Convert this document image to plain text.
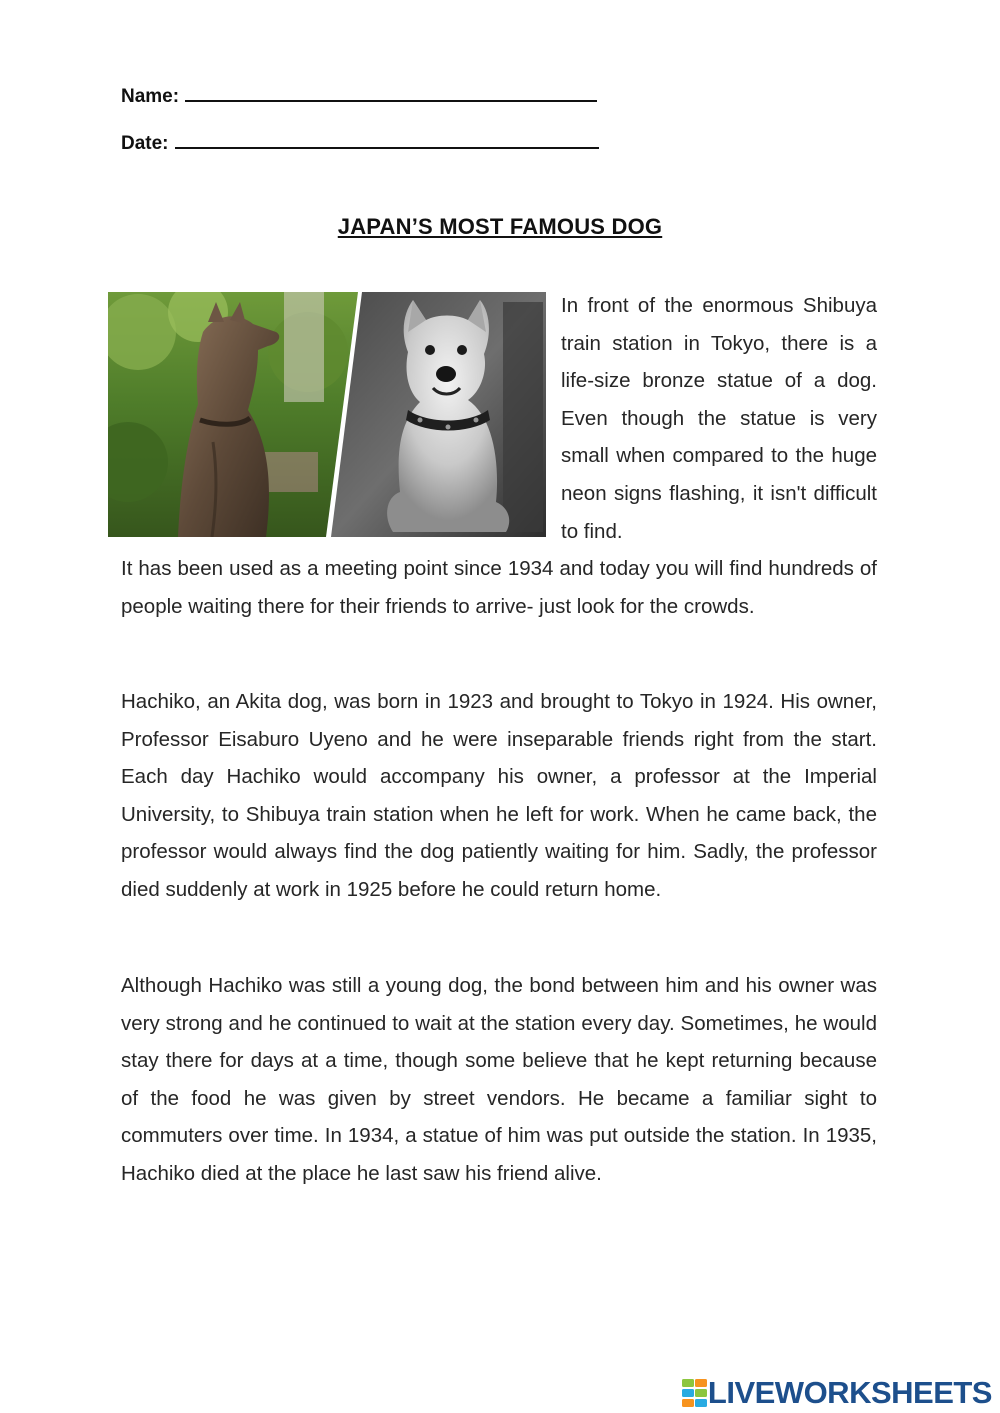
Name:
Date:
JAPAN’S MOST FAMOUS DOG

In front of the enormous Shibuya train station in Tokyo, there is a life-size bronze statue of a dog. Even though the statue is very small when compared to the huge neon signs flashing, it isn't difficult to find.

It has been used as a meeting point since 1934 and today you will find hundreds of people waiting there for their friends to arrive- just look for the crowds.

Hachiko, an Akita dog, was born in 1923 and brought to Tokyo in 1924. His owner, Professor Eisaburo Uyeno and he were inseparable friends right from the start. Each day Hachiko would accompany his owner, a professor at the Imperial University, to Shibuya train station when he left for work. When he came back, the professor would always find the dog patiently waiting for him. Sadly, the professor died suddenly at work in 1925 before he could return home.

Although Hachiko was still a young dog, the bond between him and his owner was very strong and he continued to wait at the station every day. Sometimes, he would stay there for days at a time, though some believe that he kept returning because of the food he was given by street vendors. He became a familiar sight to commuters over time. In 1934, a statue of him was put outside the station. In 1935, Hachiko died at the place he last saw his friend alive.

LIVEWORKSHEETS
